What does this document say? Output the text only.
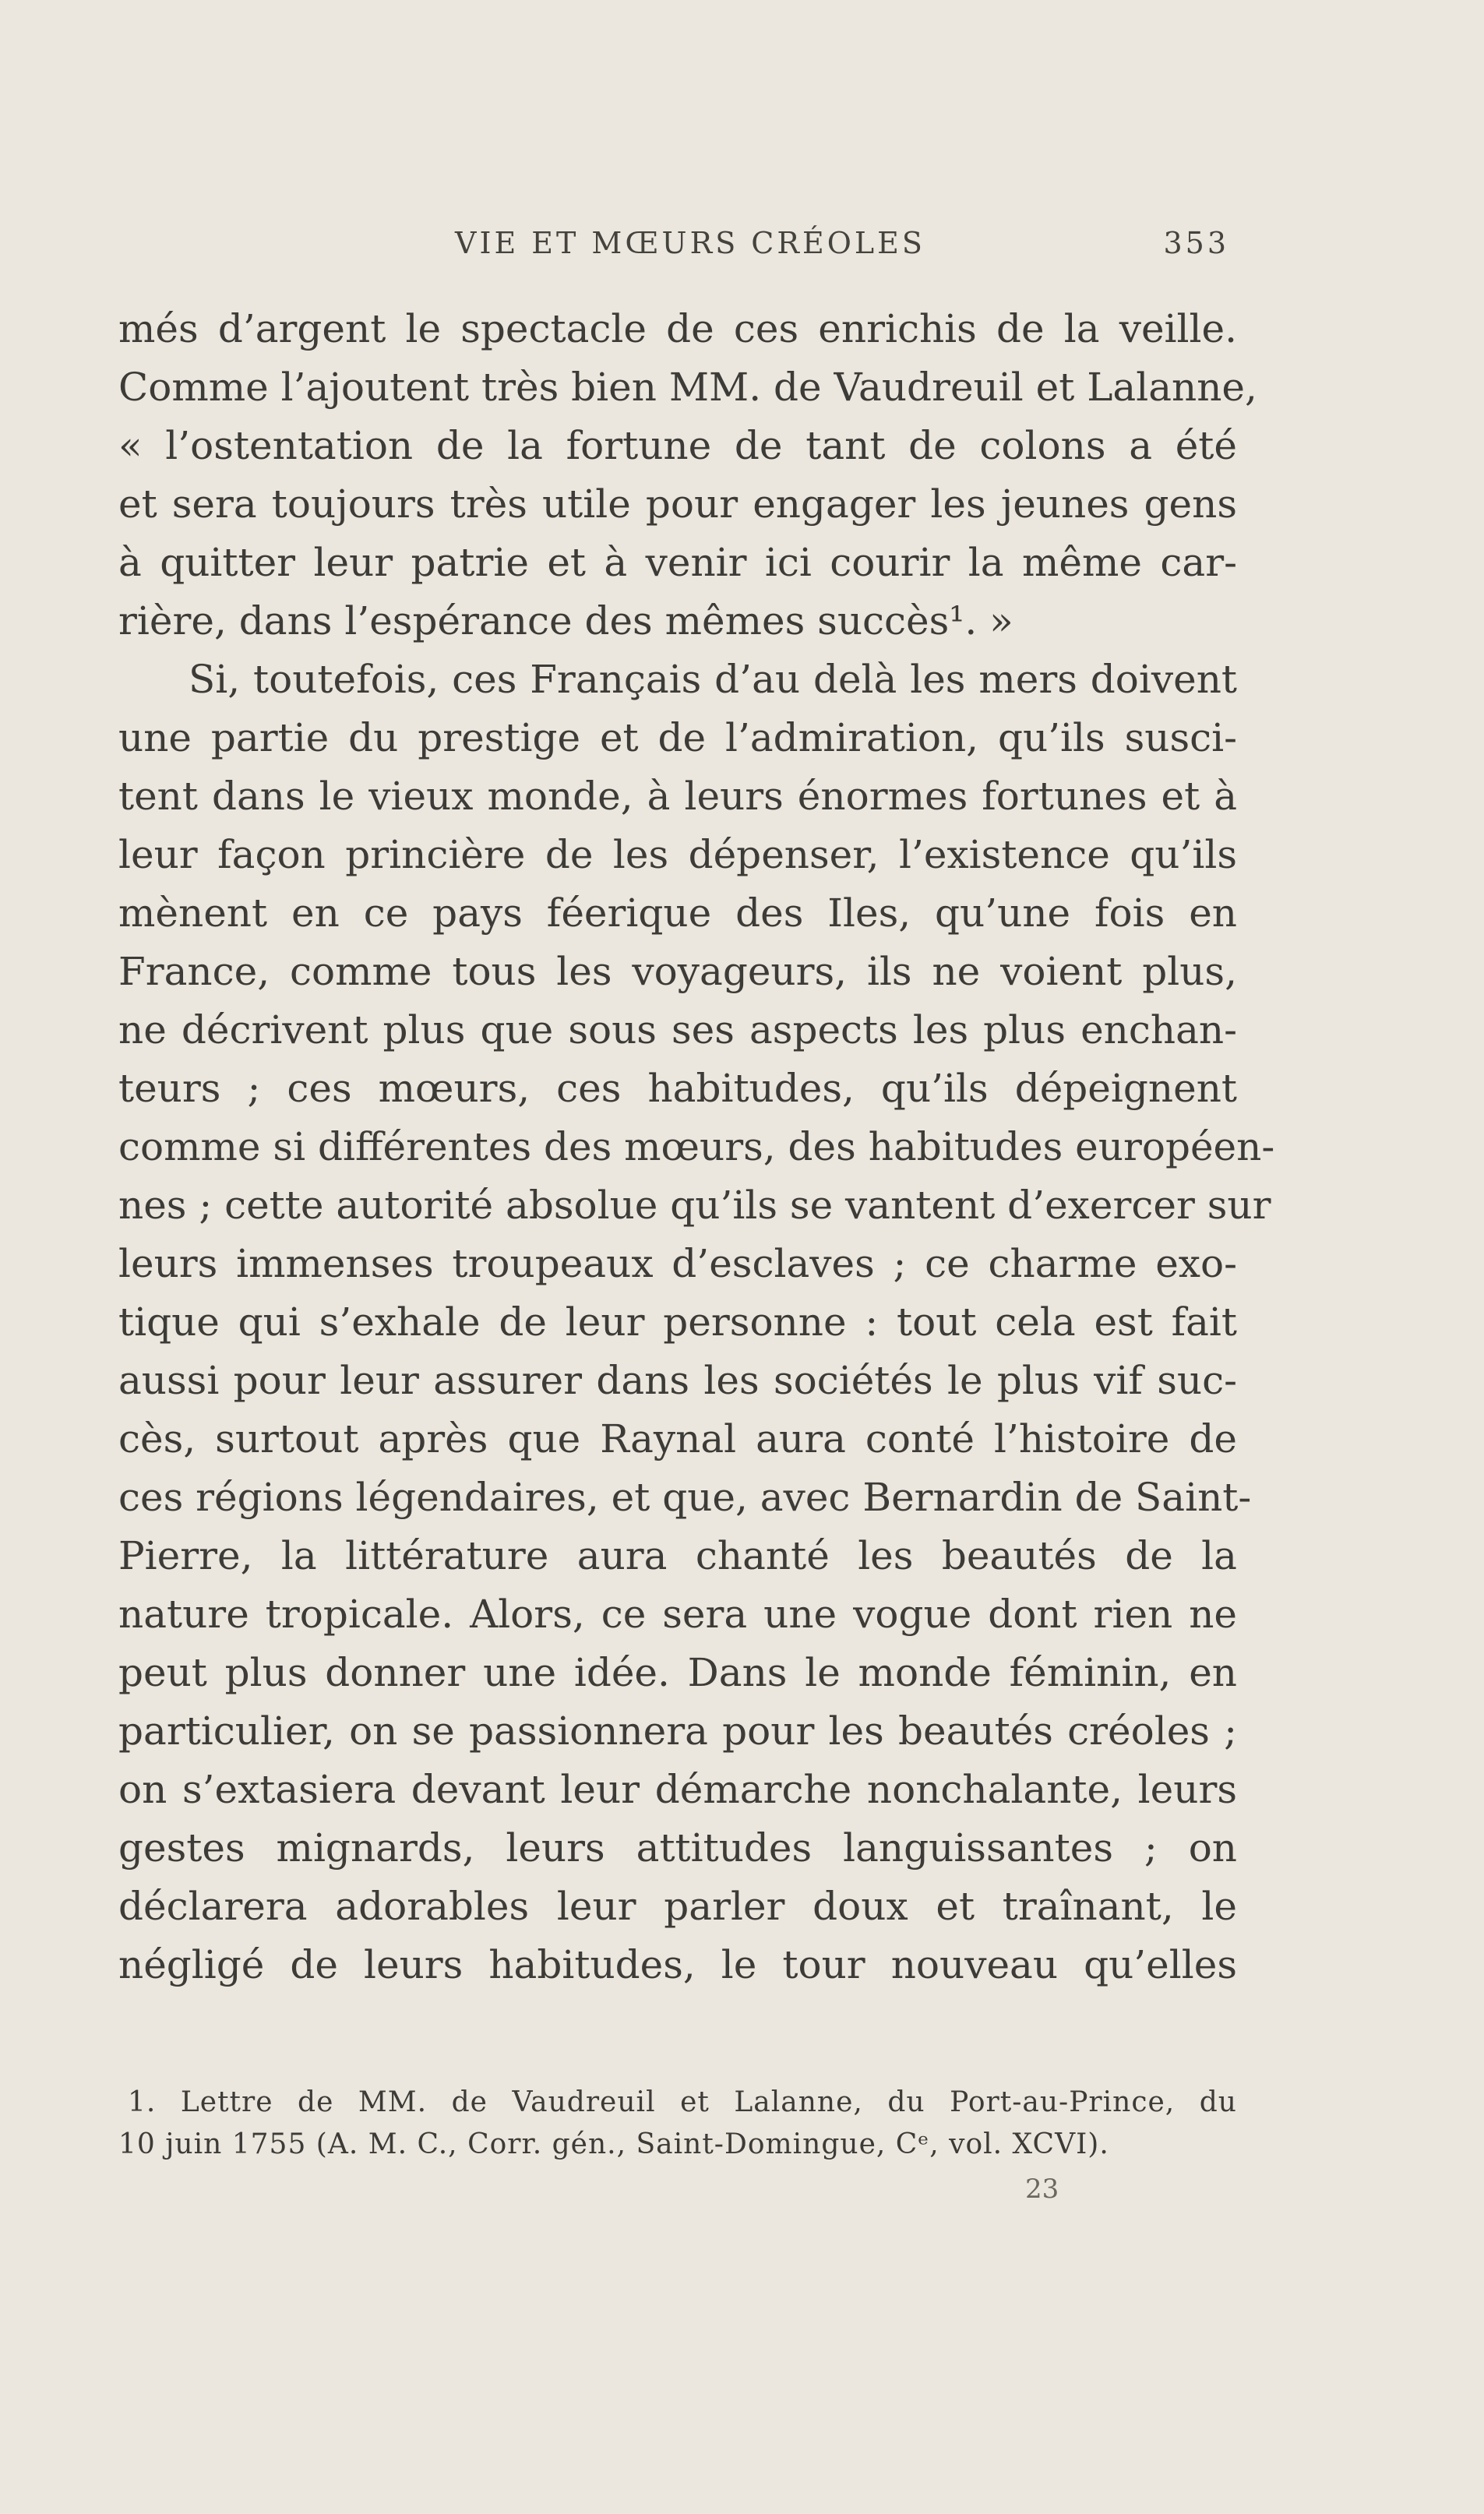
VIE ET MŒURS CRÉOLES	353
més d’argent le spectacle de ces enrichis de la veille.
Comme l’ajoutent très bien MM. de Vaudreuil et Lalanne,
« l’ostentation de la fortune de tant de colons a été
et sera toujours très utile pour engager les jeunes gens
à quitter leur patrie et à venir ici courir la même car-
rière, dans l’espérance des mêmes succès¹. »
Si, toutefois, ces Français d’au delà les mers doivent
une partie du prestige et de l’admiration, qu’ils susci-
tent dans le vieux monde, à leurs énormes fortunes et à
leur façon princière de les dépenser, l’existence qu’ils
mènent en ce pays féerique des Iles, qu’une fois en
France, comme tous les voyageurs, ils ne voient plus,
ne décrivent plus que sous ses aspects les plus enchan-
teurs ; ces mœurs, ces habitudes, qu’ils dépeignent
comme si différentes des mœurs, des habitudes européen-
nes ; cette autorité absolue qu’ils se vantent d’exercer sur
leurs immenses troupeaux d’esclaves ; ce charme exo-
tique qui s’exhale de leur personne : tout cela est fait
aussi pour leur assurer dans les sociétés le plus vif suc-
cès, surtout après que Raynal aura conté l’histoire de
ces régions légendaires, et que, avec Bernardin de Saint-
Pierre, la littérature aura chanté les beautés de la
nature tropicale. Alors, ce sera une vogue dont rien ne
peut plus donner une idée. Dans le monde féminin, en
particulier, on se passionnera pour les beautés créoles ;
on s’extasiera devant leur démarche nonchalante, leurs
gestes mignards, leurs attitudes languissantes ; on
déclarera adorables leur parler doux et traînant, le
négligé de leurs habitudes, le tour nouveau qu’elles
1. Lettre de MM. de Vaudreuil et Lalanne, du Port-au-Prince, du
10 juin 1755 (A. M. C., Corr. gén., Saint-Domingue, Cᵉ, vol. XCVI).
23
